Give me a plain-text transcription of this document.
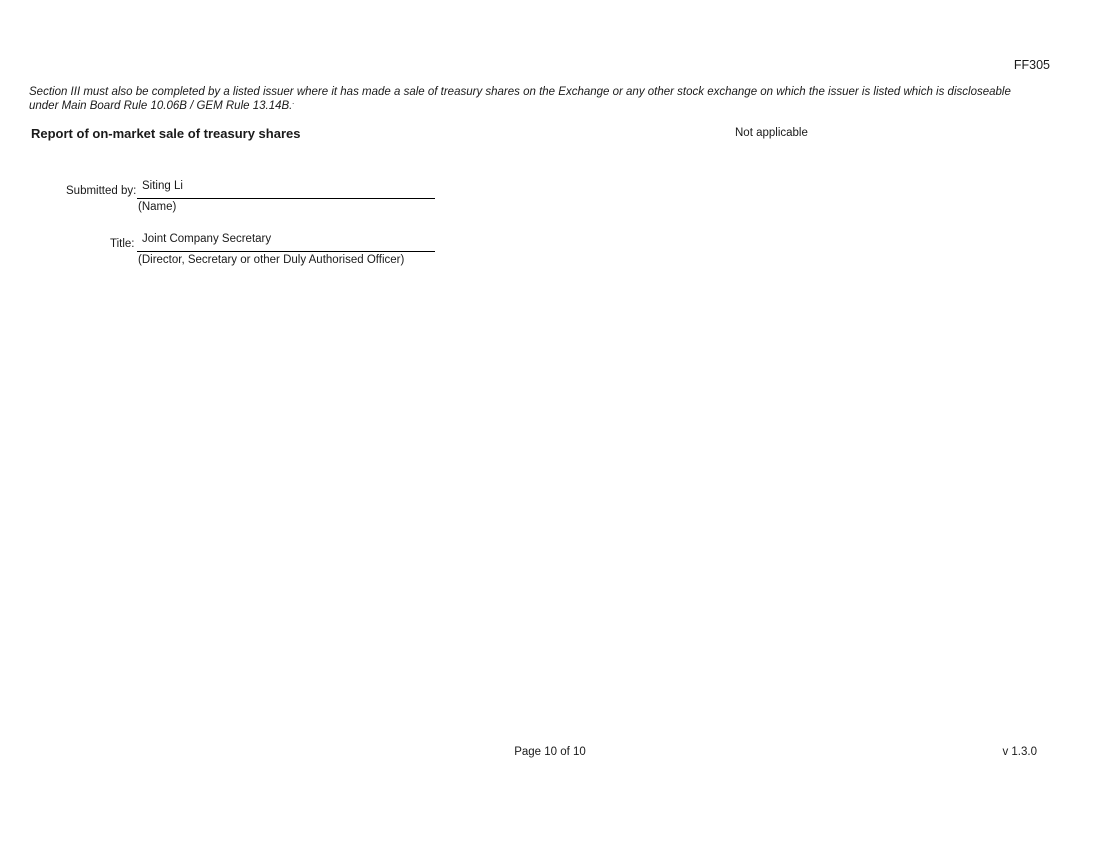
FF305
Section III must also be completed by a listed issuer where it has made a sale of treasury shares on the Exchange or any other stock exchange on which the issuer is listed which is discloseable
under Main Board Rule 10.06B / GEM Rule 13.14B..
Report of on-market sale of treasury shares	Not applicable
Submitted by: Siting Li
(Name)
Title: Joint Company Secretary
(Director, Secretary or other Duly Authorised Officer)
Page 10 of 10	v 1.3.0
